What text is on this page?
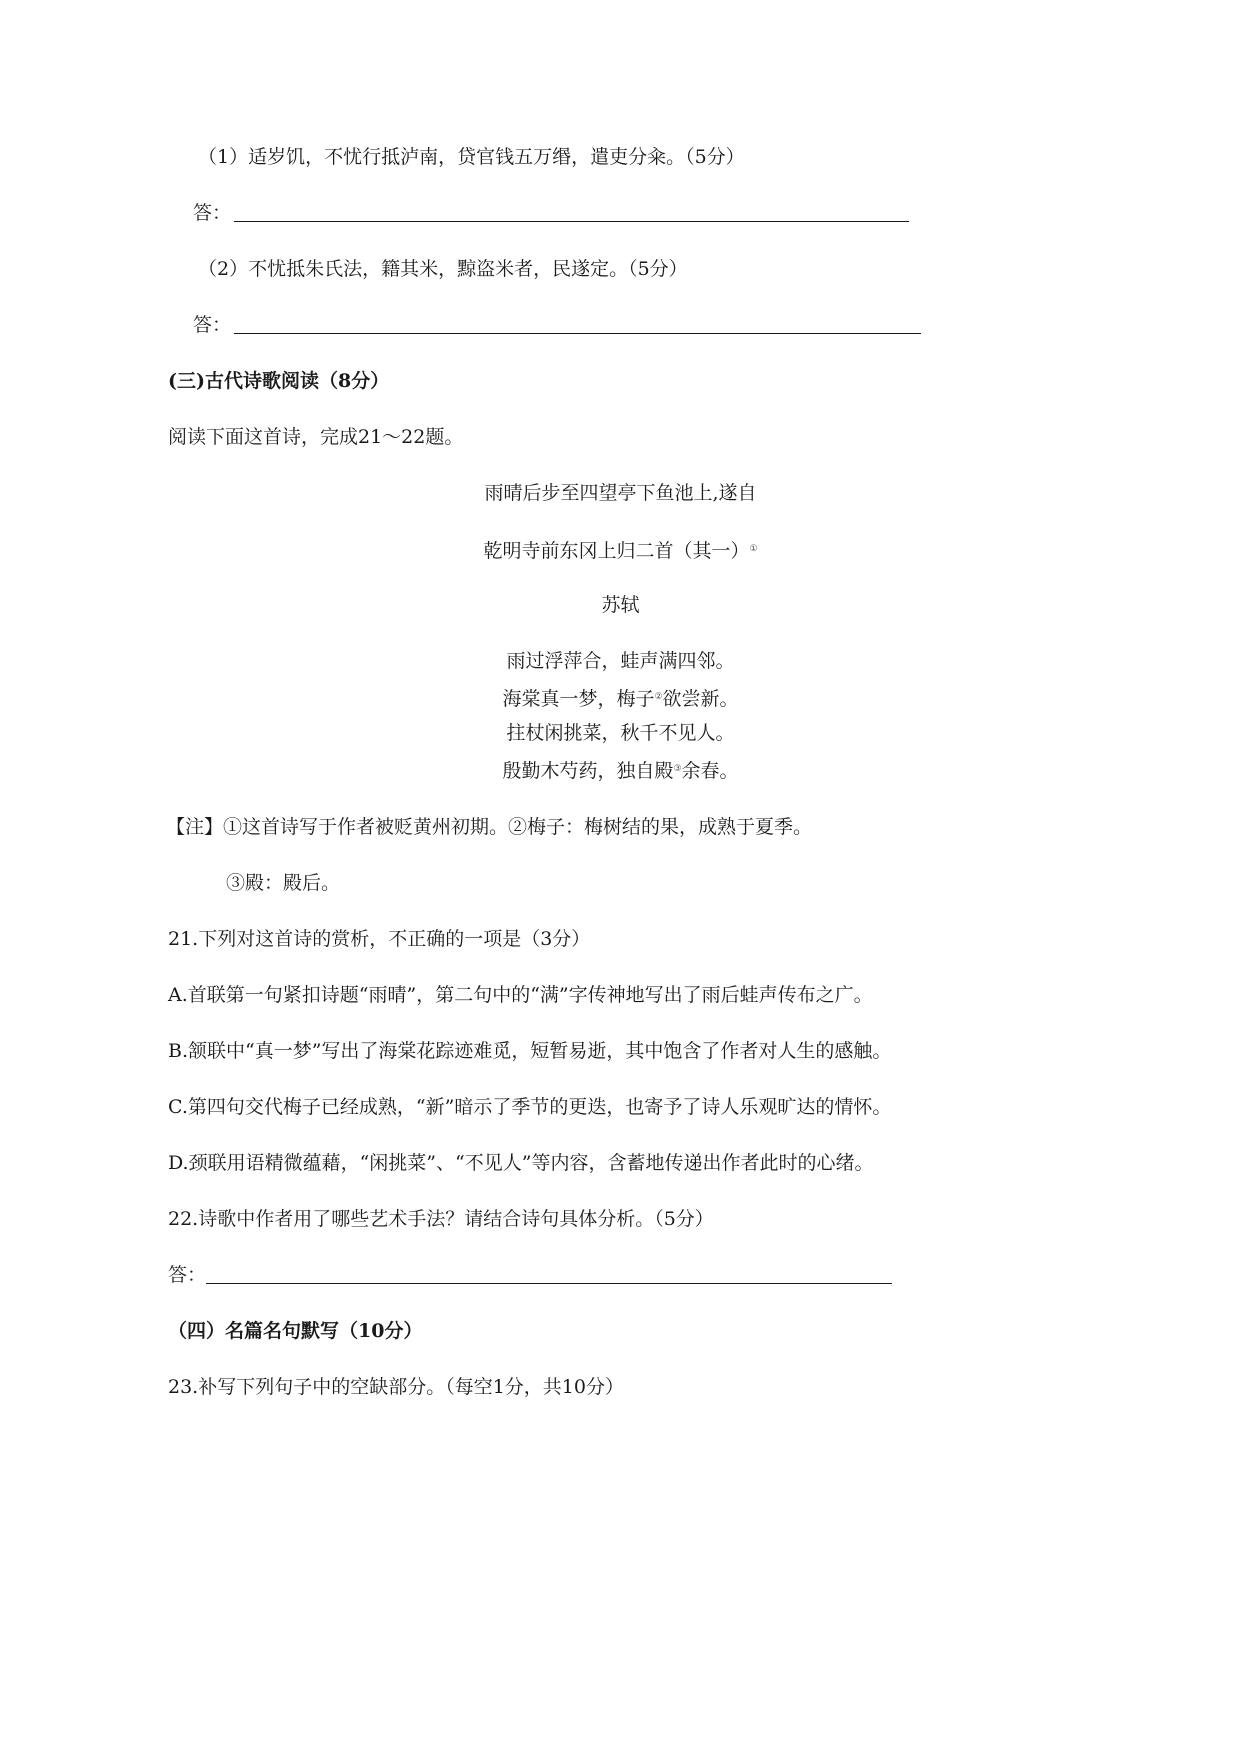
（1）适岁饥，不忧行抵泸南，贷官钱五万缗，遣吏分籴。（5分）
答：
（2）不忧抵朱氏法，籍其米，黥盗米者，民遂定。（5分）
答：
(三)古代诗歌阅读（8分）
阅读下面这首诗，完成21～22题。
雨晴后步至四望亭下鱼池上,遂自
乾明寺前东冈上归二首（其一）①
苏轼
雨过浮萍合，蛙声满四邻。
海棠真一梦，梅子②欲尝新。
拄杖闲挑菜，秋千不见人。
殷勤木芍药，独自殿③余春。
【注】①这首诗写于作者被贬黄州初期。②梅子：梅树结的果，成熟于夏季。
③殿：殿后。
21.下列对这首诗的赏析，不正确的一项是（3分）
A.首联第一句紧扣诗题“雨晴”，第二句中的“满”字传神地写出了雨后蛙声传布之广。
B.颔联中“真一梦”写出了海棠花踪迹难觅，短暂易逝，其中饱含了作者对人生的感触。
C.第四句交代梅子已经成熟，“新”暗示了季节的更迭，也寄予了诗人乐观旷达的情怀。
D.颈联用语精微蕴藉，“闲挑菜”、“不见人”等内容，含蓄地传递出作者此时的心绪。
22.诗歌中作者用了哪些艺术手法？请结合诗句具体分析。（5分）
答：
（四）名篇名句默写（10分）
23.补写下列句子中的空缺部分。（每空1分，共10分）
